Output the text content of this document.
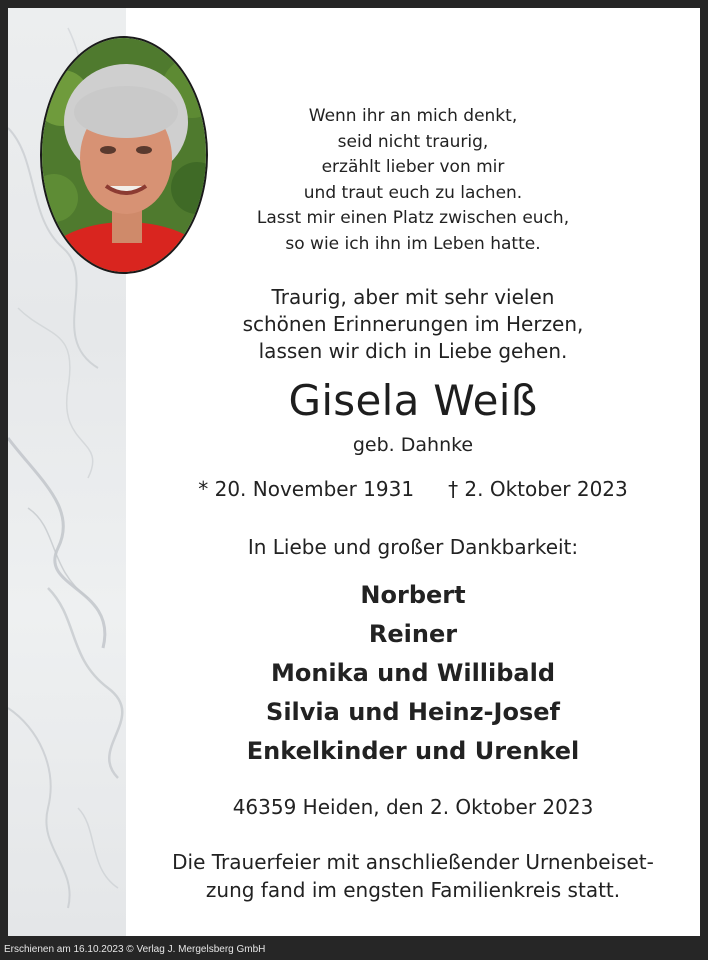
Wenn ihr an mich denkt,
seid nicht traurig,
erzählt lieber von mir
und traut euch zu lachen.
Lasst mir einen Platz zwischen euch,
so wie ich ihn im Leben hatte.
Traurig, aber mit sehr vielen
schönen Erinnerungen im Herzen,
lassen wir dich in Liebe gehen.
Gisela Weiß
geb. Dahnke
* 20. November 1931 † 2. Oktober 2023
In Liebe und großer Dankbarkeit:
Norbert
Reiner
Monika und Willibald
Silvia und Heinz-Josef
Enkelkinder und Urenkel
46359 Heiden, den 2. Oktober 2023
Die Trauerfeier mit anschließender Urnenbeiset-
zung fand im engsten Familienkreis statt.
Erschienen am 16.10.2023 © Verlag J. Mergelsberg GmbH
